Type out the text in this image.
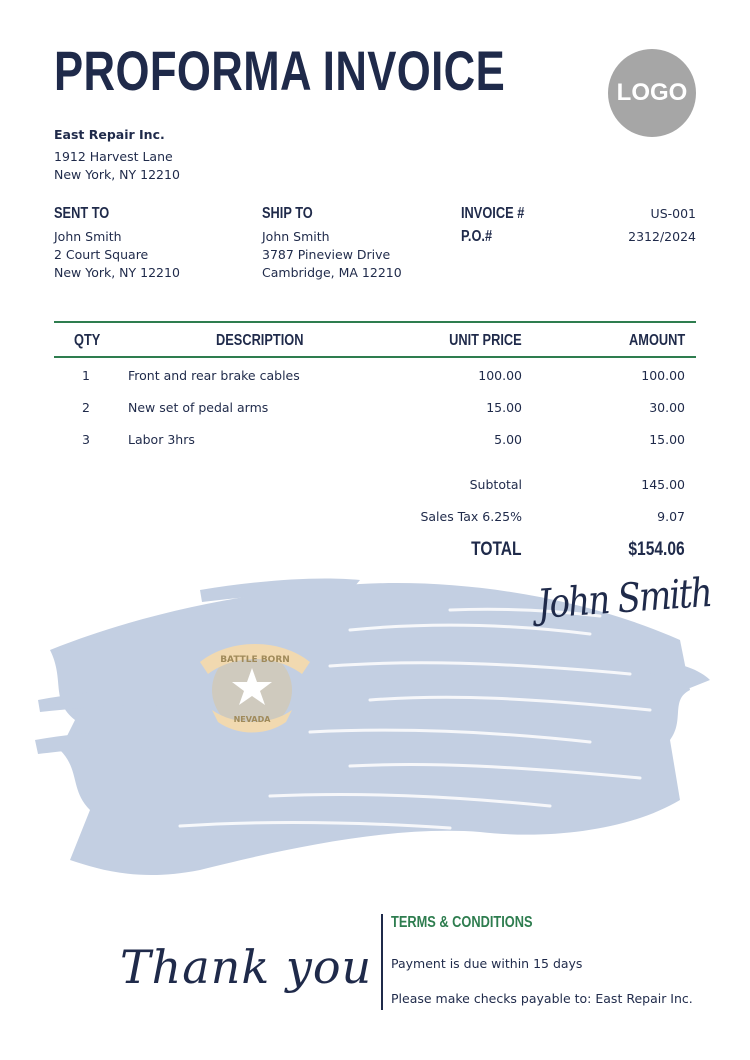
PROFORMA INVOICE	LOGO
East Repair Inc.
1912 Harvest Lane
New York, NY 12210
SENT TO
John Smith
2 Court Square
New York, NY 12210
SHIP TO
John Smith
3787 Pineview Drive
Cambridge, MA 12210
INVOICE #	US-001
P.O.#	2312/2024
QTY	DESCRIPTION	UNIT PRICE	AMOUNT
1	Front and rear brake cables	100.00	100.00
2	New set of pedal arms	15.00	30.00
3	Labor 3hrs	5.00	15.00
Subtotal	145.00
Sales Tax 6.25%	9.07
TOTAL	$154.06
BATTLE BORN
NEVADA
John Smith
Thank you
TERMS & CONDITIONS
Payment is due within 15 days
Please make checks payable to: East Repair Inc.
